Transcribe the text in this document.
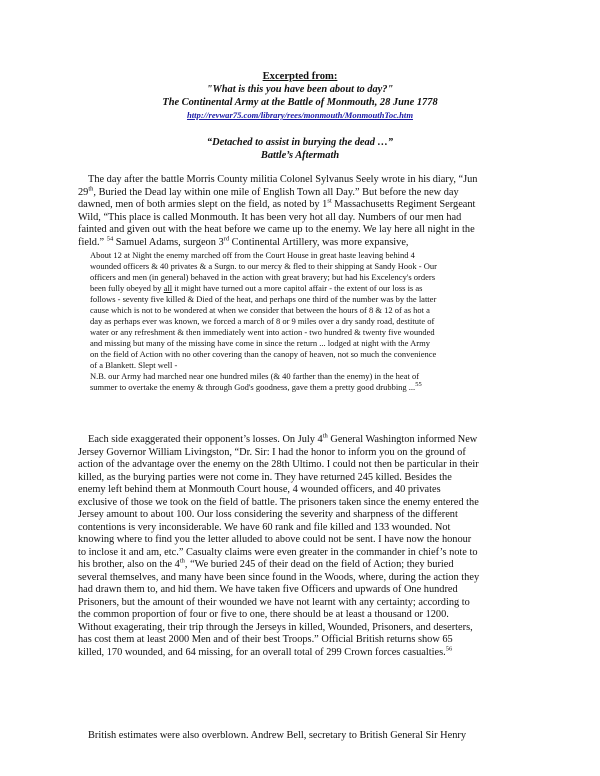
Excerpted from:
"What is this you have been about to day?"
The Continental Army at the Battle of Monmouth, 28 June 1778
http://revwar75.com/library/rees/monmouth/MonmouthToc.htm
“Detached to assist in burying the dead …”
Battle’s Aftermath

The day after the battle Morris County militia Colonel Sylvanus Seely wrote in his diary, “Jun
29th, Buried the Dead lay within one mile of English Town all Day.” But before the new day
dawned, men of both armies slept on the field, as noted by 1st Massachusetts Regiment Sergeant
Wild, “This place is called Monmouth. It has been very hot all day. Numbers of our men had
fainted and given out with the heat before we came up to the enemy. We lay here all night in the
field.” $^{54}$ Samuel Adams, surgeon 3rd Continental Artillery, was more expansive,

About 12 at Night the enemy marched off from the Court House in great haste leaving behind 4
wounded officers & 40 privates & a Surgn. to our mercy & fled to their shipping at Sandy Hook - Our
officers and men (in general) behaved in the action with great bravery; but had his Excelency's orders
been fully obeyed by all it might have turned out a more capitol affair - the extent of our loss is as
follows - seventy five killed & Died of the heat, and perhaps one third of the number was by the latter
cause which is not to be wondered at when we consider that between the hours of 8 & 12 of as hot a
day as perhaps ever was known, we forced a march of 8 or 9 miles over a dry sandy road, destitute of
water or any refreshment & then immediately went into action - two hundred & twenty five wounded
and missing but many of the missing have come in since the return ... lodged at night with the Army
on the field of Action with no other covering than the canopy of heaven, not so much the convenience
of a Blankett. Slept well -
N.B. our Army had marched near one hundred miles (& 40 farther than the enemy) in the heat of
summer to overtake the enemy & through God's goodness, gave them a pretty good drubbing ...$^{55}$

Each side exaggerated their opponent’s losses. On July 4th General Washington informed New
Jersey Governor William Livingston, “Dr. Sir: I had the honor to inform you on the ground of
action of the advantage over the enemy on the 28th Ultimo. I could not then be particular in their
killed, as the burying parties were not come in. They have returned 245 killed. Besides the
enemy left behind them at Monmouth Court house, 4 wounded officers, and 40 privates
exclusive of those we took on the field of battle. The prisoners taken since the enemy entered the
Jersey amount to about 100. Our loss considering the severity and sharpness of the different
contentions is very inconsiderable. We have 60 rank and file killed and 133 wounded. Not
knowing where to find you the letter alluded to above could not be sent. I have now the honour
to inclose it and am, etc.” Casualty claims were even greater in the commander in chief’s note to
his brother, also on the 4th, “We buried 245 of their dead on the field of Action; they buried
several themselves, and many have been since found in the Woods, where, during the action they
had drawn them to, and hid them. We have taken five Officers and upwards of One hundred
Prisoners, but the amount of their wounded we have not learnt with any certainty; according to
the common proportion of four or five to one, there should be at least a thousand or 1200.
Without exagerating, their trip through the Jerseys in killed, Wounded, Prisoners, and deserters,
has cost them at least 2000 Men and of their best Troops.” Official British returns show 65
killed, 170 wounded, and 64 missing, for an overall total of 299 Crown forces casualties.$^{56}$

British estimates were also overblown. Andrew Bell, secretary to British General Sir Henry
